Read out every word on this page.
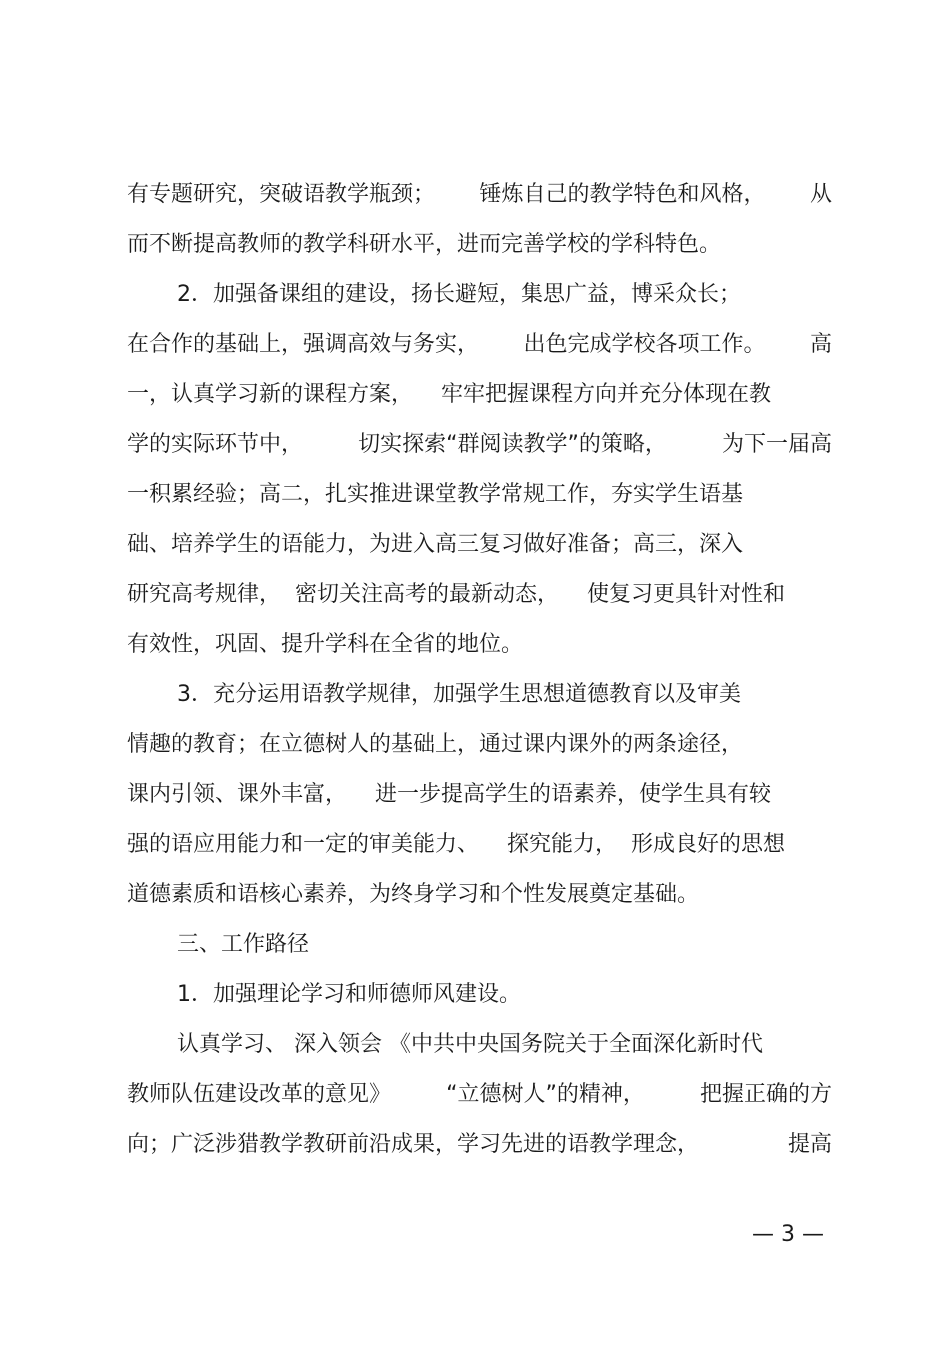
有专题研究，突破语教学瓶颈； 锤炼自己的教学特色和风格， 从
而不断提高教师的教学科研水平，进而完善学校的学科特色。
2．加强备课组的建设，扬长避短，集思广益，博采众长；
在合作的基础上，强调高效与务实， 出色完成学校各项工作。 高
一，认真学习新的课程方案，    牢牢把握课程方向并充分体现在教
学的实际环节中，	切实探索“群阅读教学”的策略，	为下一届高
一积累经验；高二，扎实推进课堂教学常规工作，夯实学生语基
础、培养学生的语能力，为进入高三复习做好准备；高三，深入
研究高考规律，  密切关注高考的最新动态，    使复习更具针对性和
有效性，巩固、提升学科在全省的地位。
3．充分运用语教学规律，加强学生思想道德教育以及审美
情趣的教育；在立德树人的基础上，通过课内课外的两条途径，
课内引领、课外丰富，    进一步提高学生的语素养，使学生具有较
强的语应用能力和一定的审美能力、    探究能力，  形成良好的思想
道德素质和语核心素养，为终身学习和个性发展奠定基础。
三、工作路径
1．加强理论学习和师德师风建设。
认真学习、 深入领会 《中共中央国务院关于全面深化新时代
教师队伍建设改革的意见》	“立德树人”的精神，	把握正确的方
向；广泛涉猎教学教研前沿成果，学习先进的语教学理念，	提高
— 3 —
